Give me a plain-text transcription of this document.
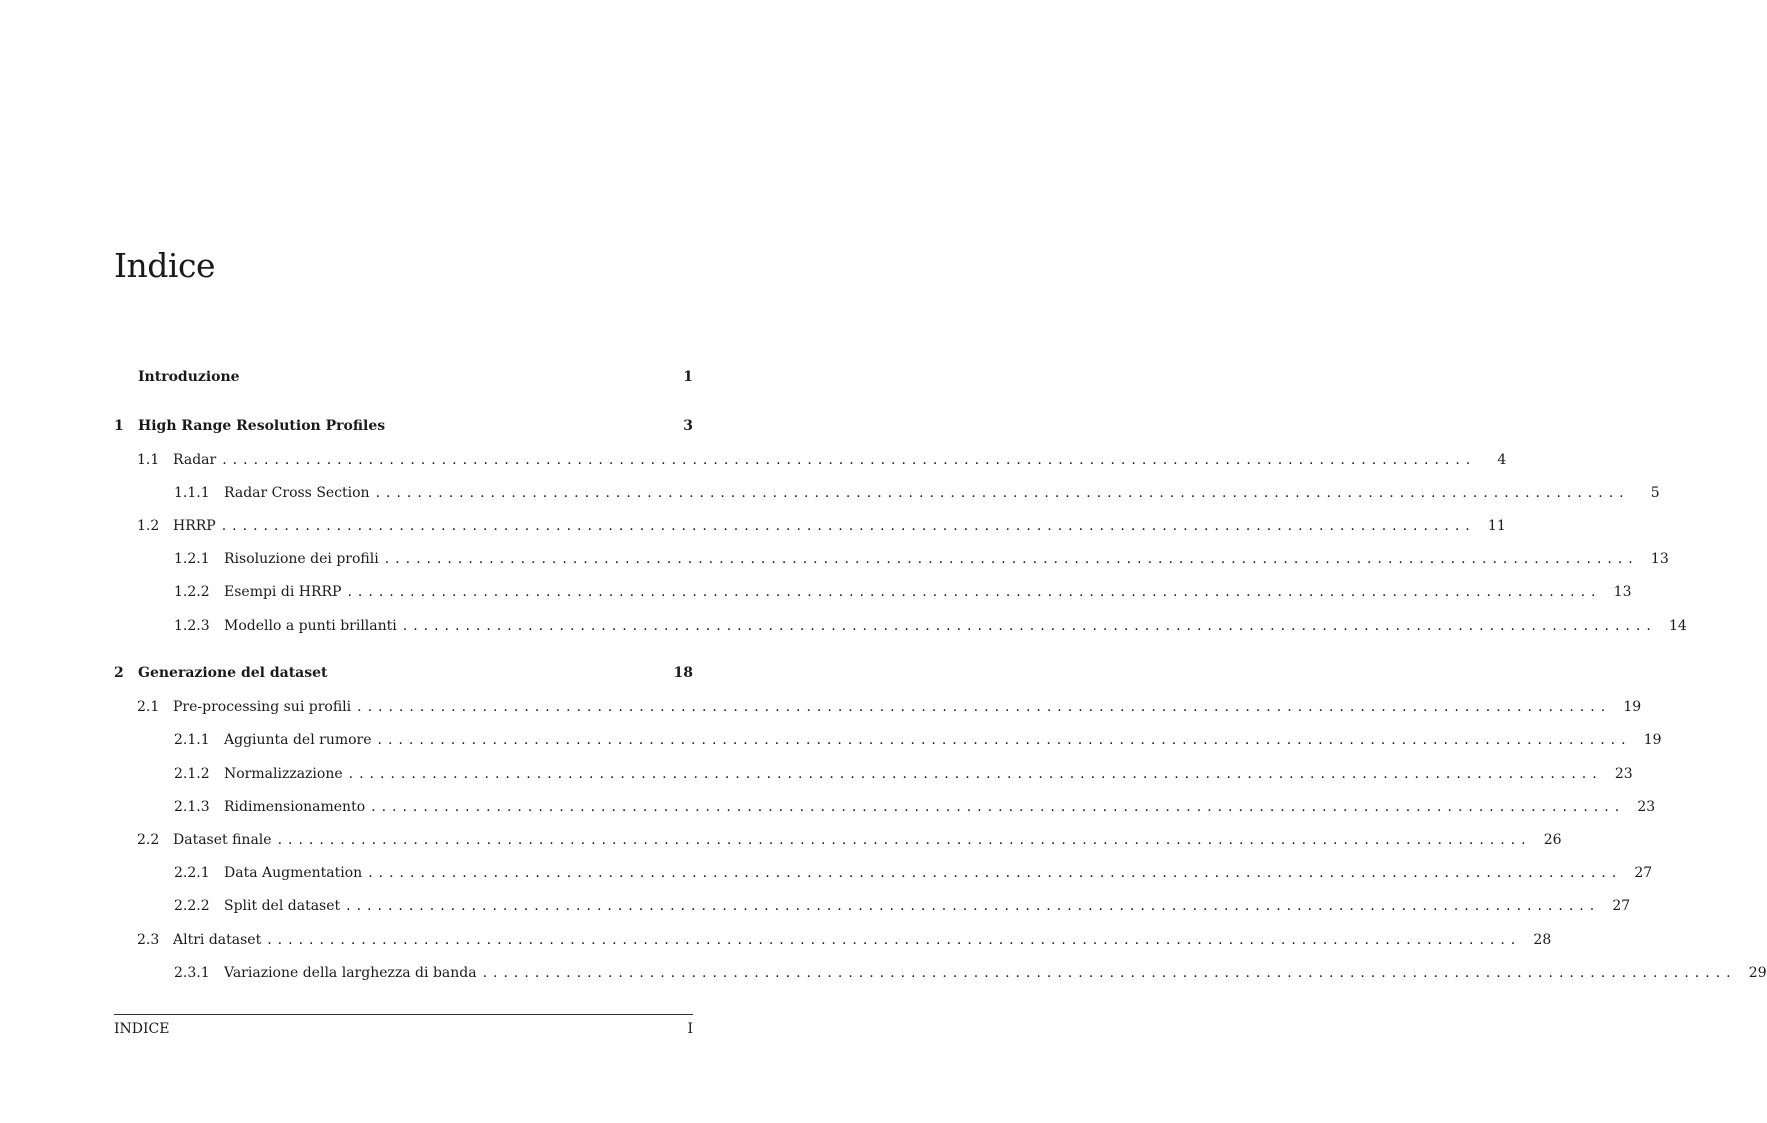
Indice
Introduzione	1
1	High Range Resolution Profiles	3
1.1 Radar ........................................................................................................................	4
1.1.1	Radar Cross Section ........................................................................................................................	5
1.2 HRRP ........................................................................................................................ 11
1.2.1	Risoluzione dei profili ........................................................................................................................ 13
1.2.2	Esempi di HRRP ........................................................................................................................ 13
1.2.3	Modello a punti brillanti ........................................................................................................................ 14
2	Generazione del dataset	18
2.1 Pre-processing sui profili ........................................................................................................................ 19
2.1.1	Aggiunta del rumore ........................................................................................................................ 19
2.1.2	Normalizzazione ........................................................................................................................ 23
2.1.3	Ridimensionamento ........................................................................................................................ 23
2.2 Dataset finale ........................................................................................................................ 26
2.2.1	Data Augmentation ........................................................................................................................ 27
2.2.2	Split del dataset ........................................................................................................................ 27
2.3 Altri dataset ........................................................................................................................ 28
2.3.1	Variazione della larghezza di banda ........................................................................................................................ 29
INDICE	I
